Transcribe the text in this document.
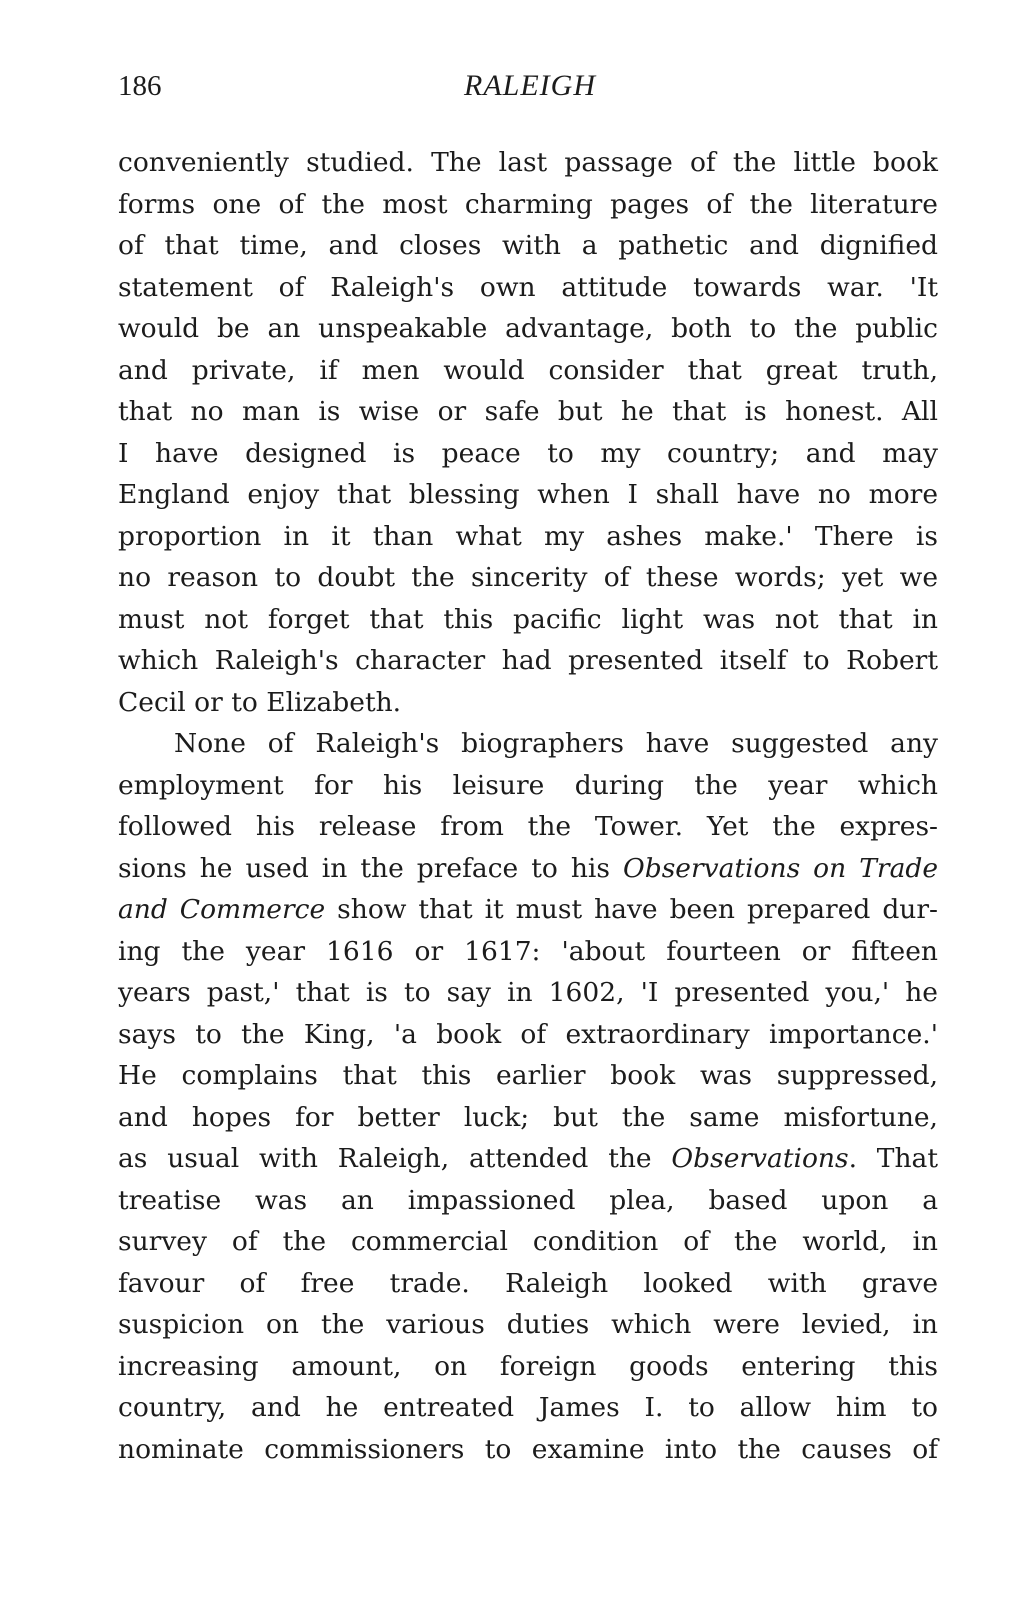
186	RALEIGH
conveniently studied. The last passage of the little book
forms one of the most charming pages of the literature
of that time, and closes with a pathetic and dignified
statement of Raleigh's own attitude towards war. 'It
would be an unspeakable advantage, both to the public
and private, if men would consider that great truth,
that no man is wise or safe but he that is honest. All
I have designed is peace to my country; and may
England enjoy that blessing when I shall have no more
proportion in it than what my ashes make.' There is
no reason to doubt the sincerity of these words; yet we
must not forget that this pacific light was not that in
which Raleigh's character had presented itself to Robert
Cecil or to Elizabeth.
None of Raleigh's biographers have suggested any
employment for his leisure during the year which
followed his release from the Tower. Yet the expres-
sions he used in the preface to his Observations on Trade
and Commerce show that it must have been prepared dur-
ing the year 1616 or 1617: 'about fourteen or fifteen
years past,' that is to say in 1602, 'I presented you,' he
says to the King, 'a book of extraordinary importance.'
He complains that this earlier book was suppressed,
and hopes for better luck; but the same misfortune,
as usual with Raleigh, attended the Observations. That
treatise was an impassioned plea, based upon a
survey of the commercial condition of the world, in
favour of free trade. Raleigh looked with grave
suspicion on the various duties which were levied, in
increasing amount, on foreign goods entering this
country, and he entreated James I. to allow him to
nominate commissioners to examine into the causes of
